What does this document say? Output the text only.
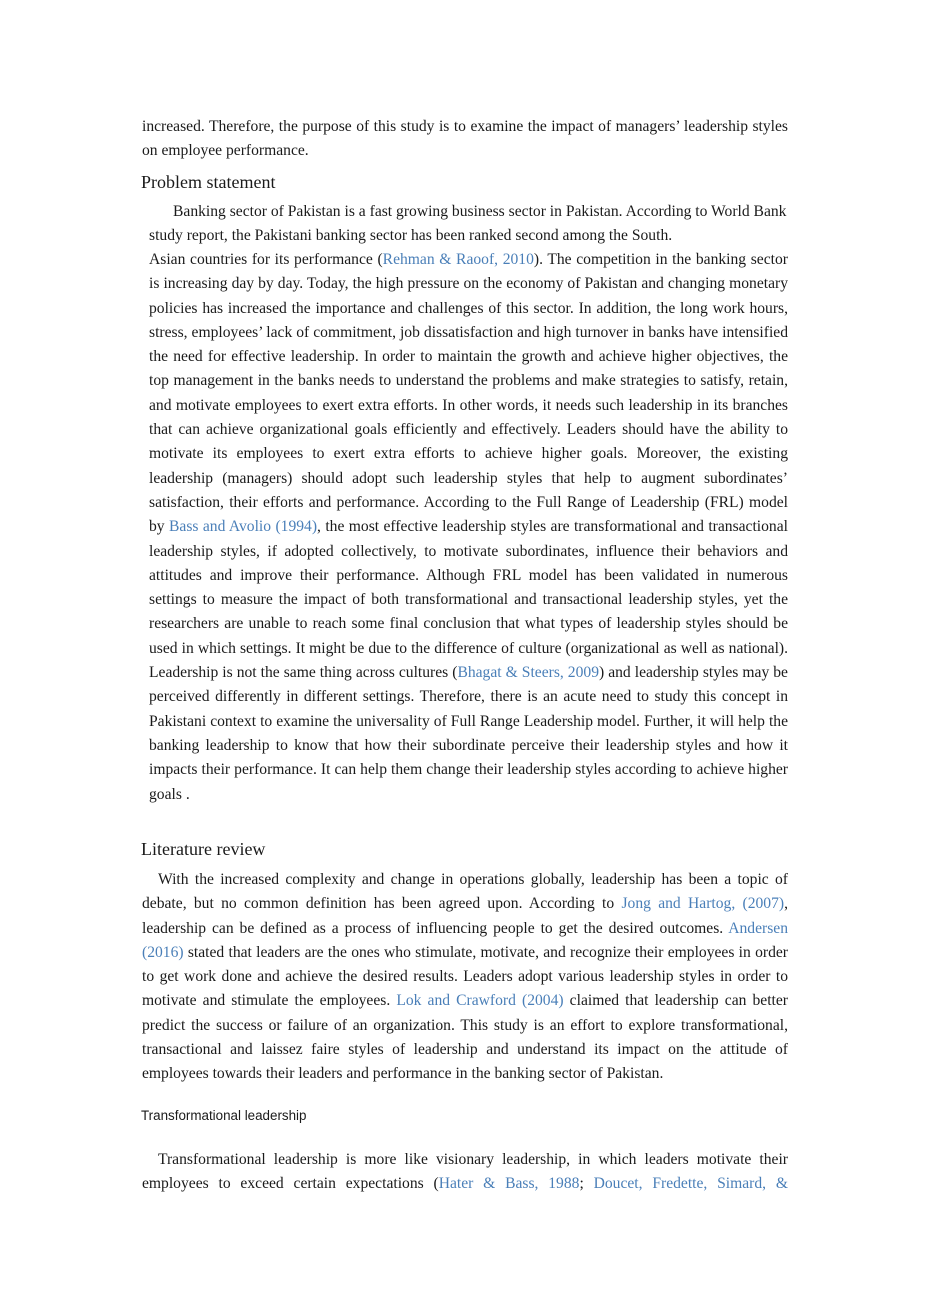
increased. Therefore, the purpose of this study is to examine the impact of managers’ leadership styles on employee performance.

Problem statement

Banking sector of Pakistan is a fast growing business sector in Pakistan. According to World Bank study report, the Pakistani banking sector has been ranked second among the South.

Asian countries for its performance (Rehman & Raoof, 2010). The competition in the banking sector is increasing day by day. Today, the high pressure on the economy of Pakistan and changing monetary policies has increased the importance and challenges of this sector. In addition, the long work hours, stress, employees’ lack of commitment, job dissatisfaction and high turnover in banks have intensified the need for effective leadership. In order to maintain the growth and achieve higher objectives, the top management in the banks needs to understand the problems and make strategies to satisfy, retain, and motivate employees to exert extra efforts. In other words, it needs such leadership in its branches that can achieve organizational goals efficiently and effectively. Leaders should have the ability to motivate its employees to exert extra efforts to achieve higher goals. Moreover, the existing leadership (managers) should adopt such leadership styles that help to augment subordinates’ satisfaction, their efforts and performance. According to the Full Range of Leadership (FRL) model by Bass and Avolio (1994), the most effective leadership styles are transformational and transactional leadership styles, if adopted collectively, to motivate subordinates, influence their behaviors and attitudes and improve their performance. Although FRL model has been validated in numerous settings to measure the impact of both transformational and transactional leadership styles, yet the researchers are unable to reach some final conclusion that what types of leadership styles should be used in which settings. It might be due to the difference of culture (organizational as well as national). Leadership is not the same thing across cultures (Bhagat & Steers, 2009) and leadership styles may be perceived differently in different settings. Therefore, there is an acute need to study this concept in Pakistani context to examine the universality of Full Range Leadership model. Further, it will help the banking leadership to know that how their subordinate perceive their leadership styles and how it impacts their performance. It can help them change their leadership styles according to achieve higher goals .

Literature review

With the increased complexity and change in operations globally, leadership has been a topic of debate, but no common definition has been agreed upon. According to Jong and Hartog, (2007), leadership can be defined as a process of influencing people to get the desired outcomes. Andersen (2016) stated that leaders are the ones who stimulate, motivate, and recognize their employees in order to get work done and achieve the desired results. Leaders adopt various leadership styles in order to motivate and stimulate the employees. Lok and Crawford (2004) claimed that leadership can better predict the success or failure of an organization. This study is an effort to explore transformational, transactional and laissez faire styles of leadership and understand its impact on the attitude of employees towards their leaders and performance in the banking sector of Pakistan.

Transformational leadership

Transformational leadership is more like visionary leadership, in which leaders motivate their employees to exceed certain expectations (Hater & Bass, 1988; Doucet, Fredette, Simard, &
